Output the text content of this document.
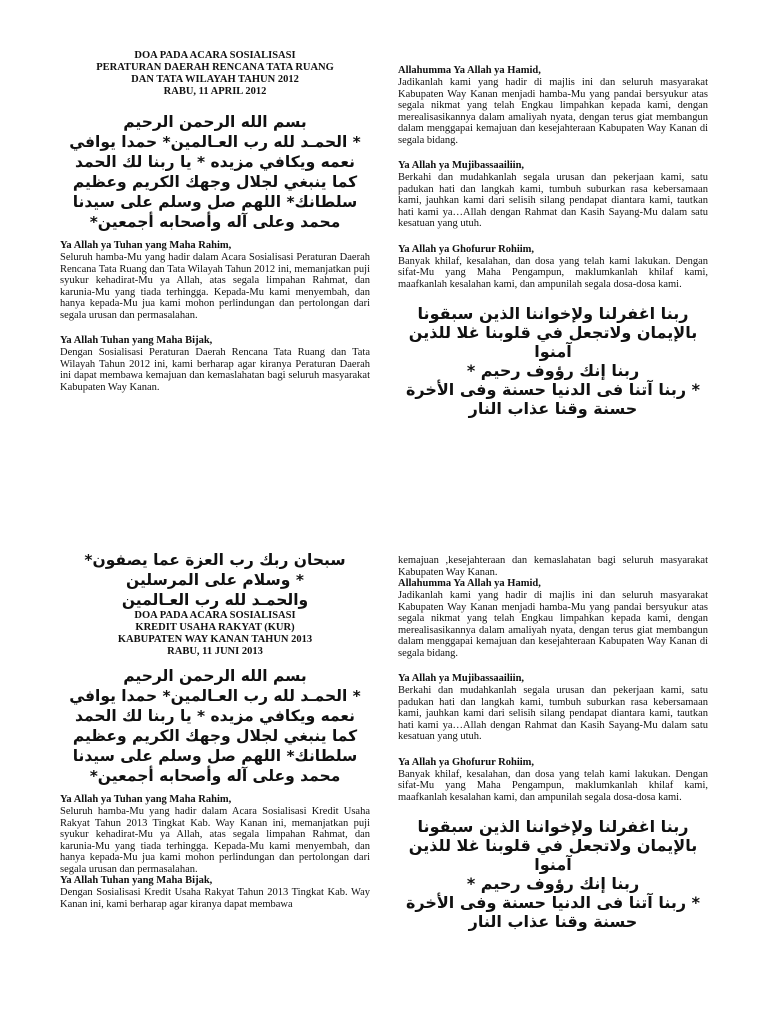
DOA PADA ACARA SOSIALISASI

PERATURAN DAERAH RENCANA TATA RUANG

DAN TATA WILAYAH TAHUN 2012

RABU, 11 APRIL 2012

بسم الله الرحمن الرحيم

* الحمـد لله رب العـالمين* حمدا يوافي

نعمه ويكافي مزيده * يا ربنا لك الحمد

كما ينبغي لجلال وجهك الكريم وعظيم

سلطانك* اللهم صل وسلم على سيدنا

محمد وعلى آله وأصحابه أجمعين*

Ya Allah ya Tuhan yang Maha Rahim,

Seluruh hamba-Mu yang hadir dalam Acara Sosialisasi Peraturan Daerah Rencana Tata Ruang dan Tata Wilayah Tahun 2012 ini, memanjatkan puji syukur kehadirat-Mu ya Allah, atas segala limpahan Rahmat, dan karunia-Mu yang tiada terhingga. Kepada-Mu kami menyembah, dan hanya kepada-Mu jua kami mohon perlindungan dan pertolongan dari segala urusan dan permasalahan.

Ya Allah Tuhan yang Maha Bijak,

Dengan Sosialisasi Peraturan Daerah Rencana Tata Ruang dan Tata Wilayah Tahun 2012 ini, kami berharap agar kiranya Peraturan Daerah ini dapat membawa kemajuan dan kemaslahatan bagi seluruh masyarakat Kabupaten Way Kanan.

Allahumma Ya Allah ya Hamid,

Jadikanlah kami yang hadir di majlis ini dan seluruh masyarakat Kabupaten Way Kanan menjadi hamba-Mu yang pandai bersyukur atas segala nikmat yang telah Engkau limpahkan kepada kami, dengan merealisasikannya dalam amaliyah nyata, dengan terus giat membangun dalam menggapai kemajuan dan kesejahteraan Kabupaten Way Kanan di segala bidang.

Ya Allah ya Mujibassaailiin,

Berkahi dan mudahkanlah segala urusan dan pekerjaan kami, satu padukan hati dan langkah kami, tumbuh suburkan rasa kebersamaan kami, jauhkan kami dari selisih silang pendapat diantara kami, tautkan hati kami ya…Allah dengan Rahmat dan Kasih Sayang-Mu dalam satu kesatuan yang utuh.

Ya Allah ya Ghofurur Rohiim,

Banyak khilaf, kesalahan, dan dosa yang telah kami lakukan. Dengan sifat-Mu yang Maha Pengampun, maklumkanlah khilaf kami, maafkanlah kesalahan kami, dan ampunilah segala dosa-dosa kami.

ربنا اغفرلنا ولإخواننا الذين سبقونا

بالإيمان ولاتجعل في قلوبنا غلا للذين آمنوا

ربنا إنك رؤوف رحيم *

* ربنا آتنا فى الدنيا حسنة وفى الأخرة

حسنة وقنا عذاب النار

سبحان ربك رب العزة عما يصفون*

* وسلام على المرسلين

والحمـد لله رب العـالمين

DOA PADA ACARA SOSIALISASI

KREDIT USAHA RAKYAT (KUR)

KABUPATEN WAY KANAN TAHUN 2013

RABU, 11 JUNI 2013

بسم الله الرحمن الرحيم

* الحمـد لله رب العـالمين* حمدا يوافي

نعمه ويكافي مزيده * يا ربنا لك الحمد

كما ينبغي لجلال وجهك الكريم وعظيم

سلطانك* اللهم صل وسلم على سيدنا

محمد وعلى آله وأصحابه أجمعين*

Ya Allah ya Tuhan yang Maha Rahim,

Seluruh hamba-Mu yang hadir dalam Acara Sosialisasi Kredit Usaha Rakyat Tahun 2013 Tingkat Kab. Way Kanan ini, memanjatkan puji syukur kehadirat-Mu ya Allah, atas segala limpahan Rahmat, dan karunia-Mu yang tiada terhingga. Kepada-Mu kami menyembah, dan hanya kepada-Mu jua kami mohon perlindungan dan pertolongan dari segala urusan dan permasalahan.

Ya Allah Tuhan yang Maha Bijak,

Dengan Sosialisasi Kredit Usaha Rakyat Tahun 2013 Tingkat Kab. Way Kanan ini, kami berharap agar kiranya dapat membawa

kemajuan ,kesejahteraan dan kemaslahatan bagi seluruh masyarakat Kabupaten Way Kanan.

Allahumma Ya Allah ya Hamid,

Jadikanlah kami yang hadir di majlis ini dan seluruh masyarakat Kabupaten Way Kanan menjadi hamba-Mu yang pandai bersyukur atas segala nikmat yang telah Engkau limpahkan kepada kami, dengan merealisasikannya dalam amaliyah nyata, dengan terus giat membangun dalam menggapai kemajuan dan kesejahteraan Kabupaten Way Kanan di segala bidang.

Ya Allah ya Mujibassaailiin,

Berkahi dan mudahkanlah segala urusan dan pekerjaan kami, satu padukan hati dan langkah kami, tumbuh suburkan rasa kebersamaan kami, jauhkan kami dari selisih silang pendapat diantara kami, tautkan hati kami ya…Allah dengan Rahmat dan Kasih Sayang-Mu dalam satu kesatuan yang utuh.

Ya Allah ya Ghofurur Rohiim,

Banyak khilaf, kesalahan, dan dosa yang telah kami lakukan. Dengan sifat-Mu yang Maha Pengampun, maklumkanlah khilaf kami, maafkanlah kesalahan kami, dan ampunilah segala dosa-dosa kami.

ربنا اغفرلنا ولإخواننا الذين سبقونا

بالإيمان ولاتجعل في قلوبنا غلا للذين آمنوا

ربنا إنك رؤوف رحيم *

* ربنا آتنا فى الدنيا حسنة وفى الأخرة

حسنة وقنا عذاب النار
